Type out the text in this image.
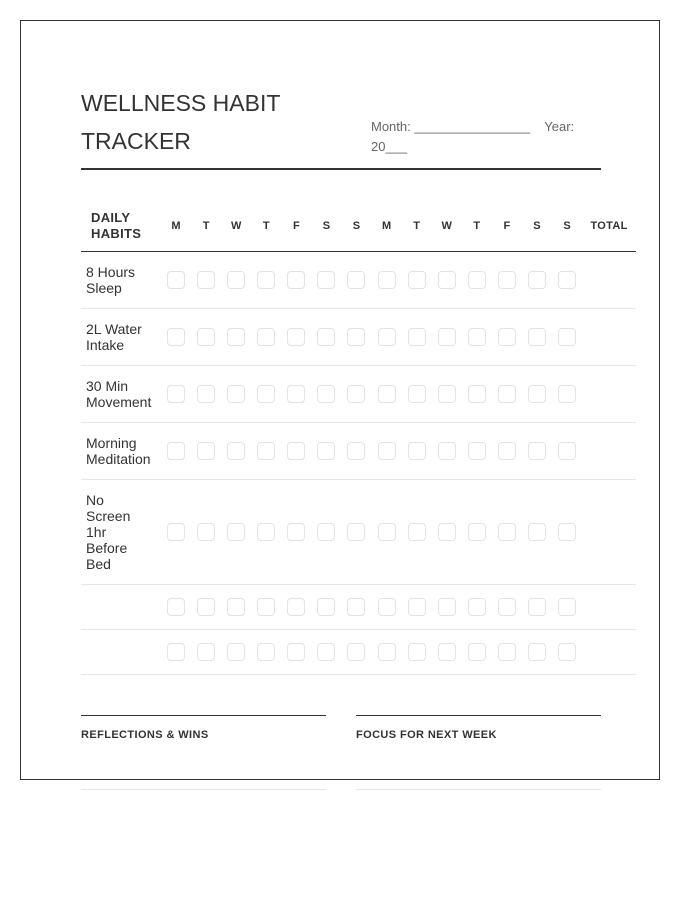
WELLNESS HABIT
TRACKER
Month: ________________ Year:
20___
DAILY
HABITS	M	T	W	T	F	S	S	M	T	W	T	F	S	S	TOTAL
8 Hours Sleep
2L Water Intake
30 Min Movement
Morning Meditation
No Screen 1hr Before Bed
REFLECTIONS & WINS	FOCUS FOR NEXT WEEK
